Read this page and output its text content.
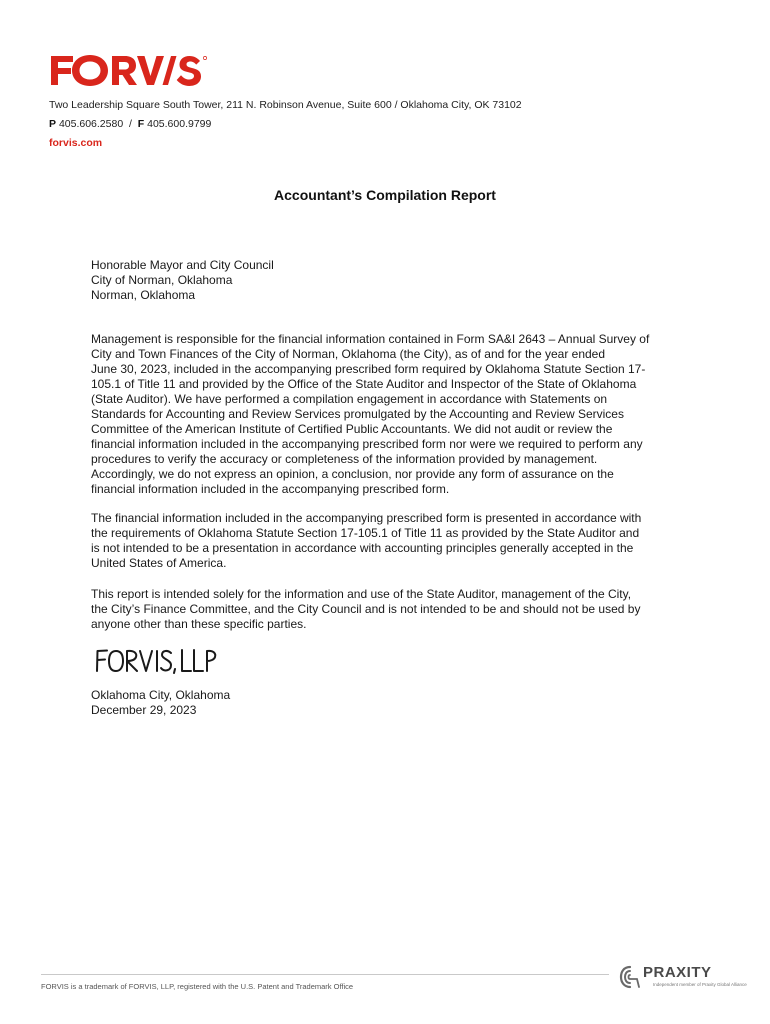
Two Leadership Square South Tower, 211 N. Robinson Avenue, Suite 600 / Oklahoma City, OK 73102
P 405.606.2580 / F 405.600.9799
forvis.com
Accountant’s Compilation Report
Honorable Mayor and City Council
City of Norman, Oklahoma
Norman, Oklahoma
Management is responsible for the financial information contained in Form SA&I 2643 – Annual Survey of
City and Town Finances of the City of Norman, Oklahoma (the City), as of and for the year ended
June 30, 2023, included in the accompanying prescribed form required by Oklahoma Statute Section 17-
105.1 of Title 11 and provided by the Office of the State Auditor and Inspector of the State of Oklahoma
(State Auditor). We have performed a compilation engagement in accordance with Statements on
Standards for Accounting and Review Services promulgated by the Accounting and Review Services
Committee of the American Institute of Certified Public Accountants. We did not audit or review the
financial information included in the accompanying prescribed form nor were we required to perform any
procedures to verify the accuracy or completeness of the information provided by management.
Accordingly, we do not express an opinion, a conclusion, nor provide any form of assurance on the
financial information included in the accompanying prescribed form.
The financial information included in the accompanying prescribed form is presented in accordance with
the requirements of Oklahoma Statute Section 17-105.1 of Title 11 as provided by the State Auditor and
is not intended to be a presentation in accordance with accounting principles generally accepted in the
United States of America.
This report is intended solely for the information and use of the State Auditor, management of the City,
the City’s Finance Committee, and the City Council and is not intended to be and should not be used by
anyone other than these specific parties.
Oklahoma City, Oklahoma
December 29, 2023
FORVIS is a trademark of FORVIS, LLP, registered with the U.S. Patent and Trademark Office
PRAXITY
Independent member of Praxity Global Alliance
